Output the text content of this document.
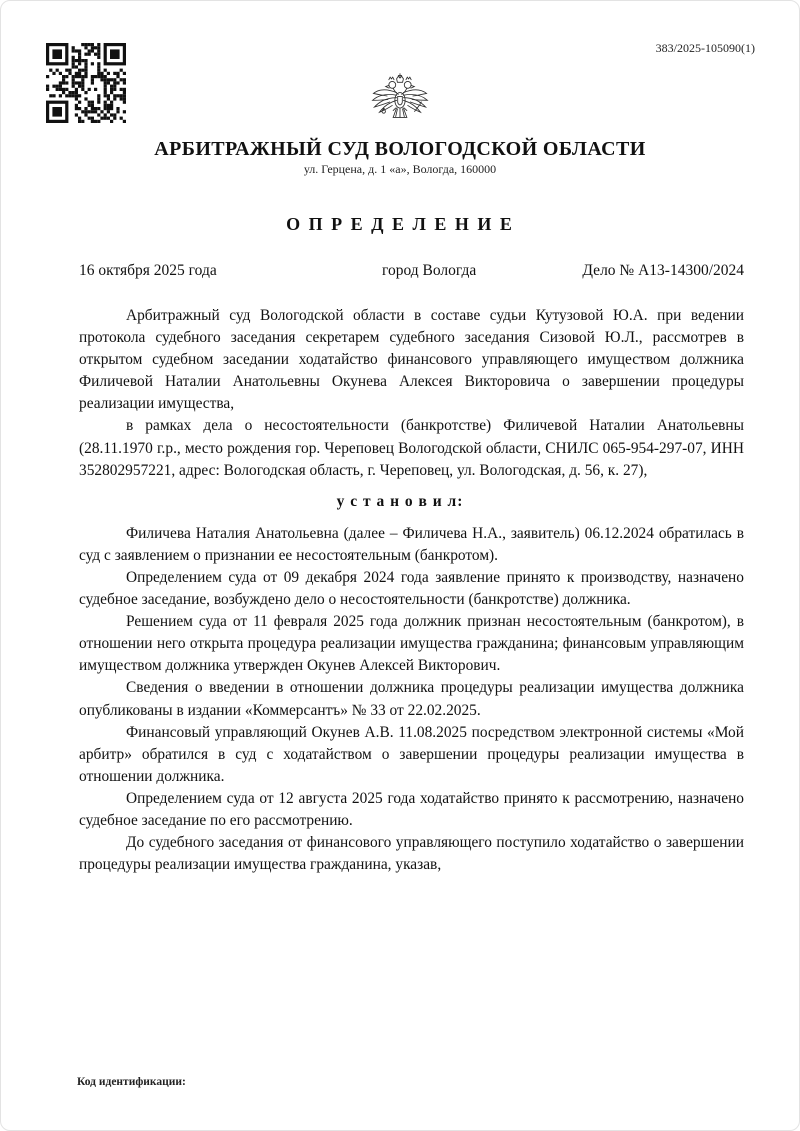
383/2025-105090(1)
АРБИТРАЖНЫЙ СУД ВОЛОГОДСКОЙ ОБЛАСТИ
ул. Герцена, д. 1 «а», Вологда, 160000
О П Р Е Д Е Л Е Н И Е
16 октября 2025 года	город Вологда	Дело № А13-14300/2024

Арбитражный суд Вологодской области в составе судьи Кутузовой Ю.А. при ведении протокола судебного заседания секретарем судебного заседания Сизовой Ю.Л., рассмотрев в открытом судебном заседании ходатайство финансового управляющего имуществом должника Филичевой Наталии Анатольевны Окунева Алексея Викторовича о завершении процедуры реализации имущества,

в рамках дела о несостоятельности (банкротстве) Филичевой Наталии Анатольевны (28.11.1970 г.р., место рождения гор. Череповец Вологодской области, СНИЛС 065-954-297-07, ИНН 352802957221, адрес: Вологодская область, г. Череповец, ул. Вологодская, д. 56, к. 27),

у с т а н о в и л:

Филичева Наталия Анатольевна (далее – Филичева Н.А., заявитель) 06.12.2024 обратилась в суд с заявлением о признании ее несостоятельным (банкротом).

Определением суда от 09 декабря 2024 года заявление принято к производству, назначено судебное заседание, возбуждено дело о несостоятельности (банкротстве) должника.

Решением суда от 11 февраля 2025 года должник признан несостоятельным (банкротом), в отношении него открыта процедура реализации имущества гражданина; финансовым управляющим имуществом должника утвержден Окунев Алексей Викторович.

Сведения о введении в отношении должника процедуры реализации имущества должника опубликованы в издании «Коммерсантъ» № 33 от 22.02.2025.

Финансовый управляющий Окунев А.В. 11.08.2025 посредством электронной системы «Мой арбитр» обратился в суд с ходатайством о завершении процедуры реализации имущества в отношении должника.

Определением суда от 12 августа 2025 года ходатайство принято к рассмотрению, назначено судебное заседание по его рассмотрению.

До судебного заседания от финансового управляющего поступило ходатайство о завершении процедуры реализации имущества гражданина, указав,

Код идентификации:
